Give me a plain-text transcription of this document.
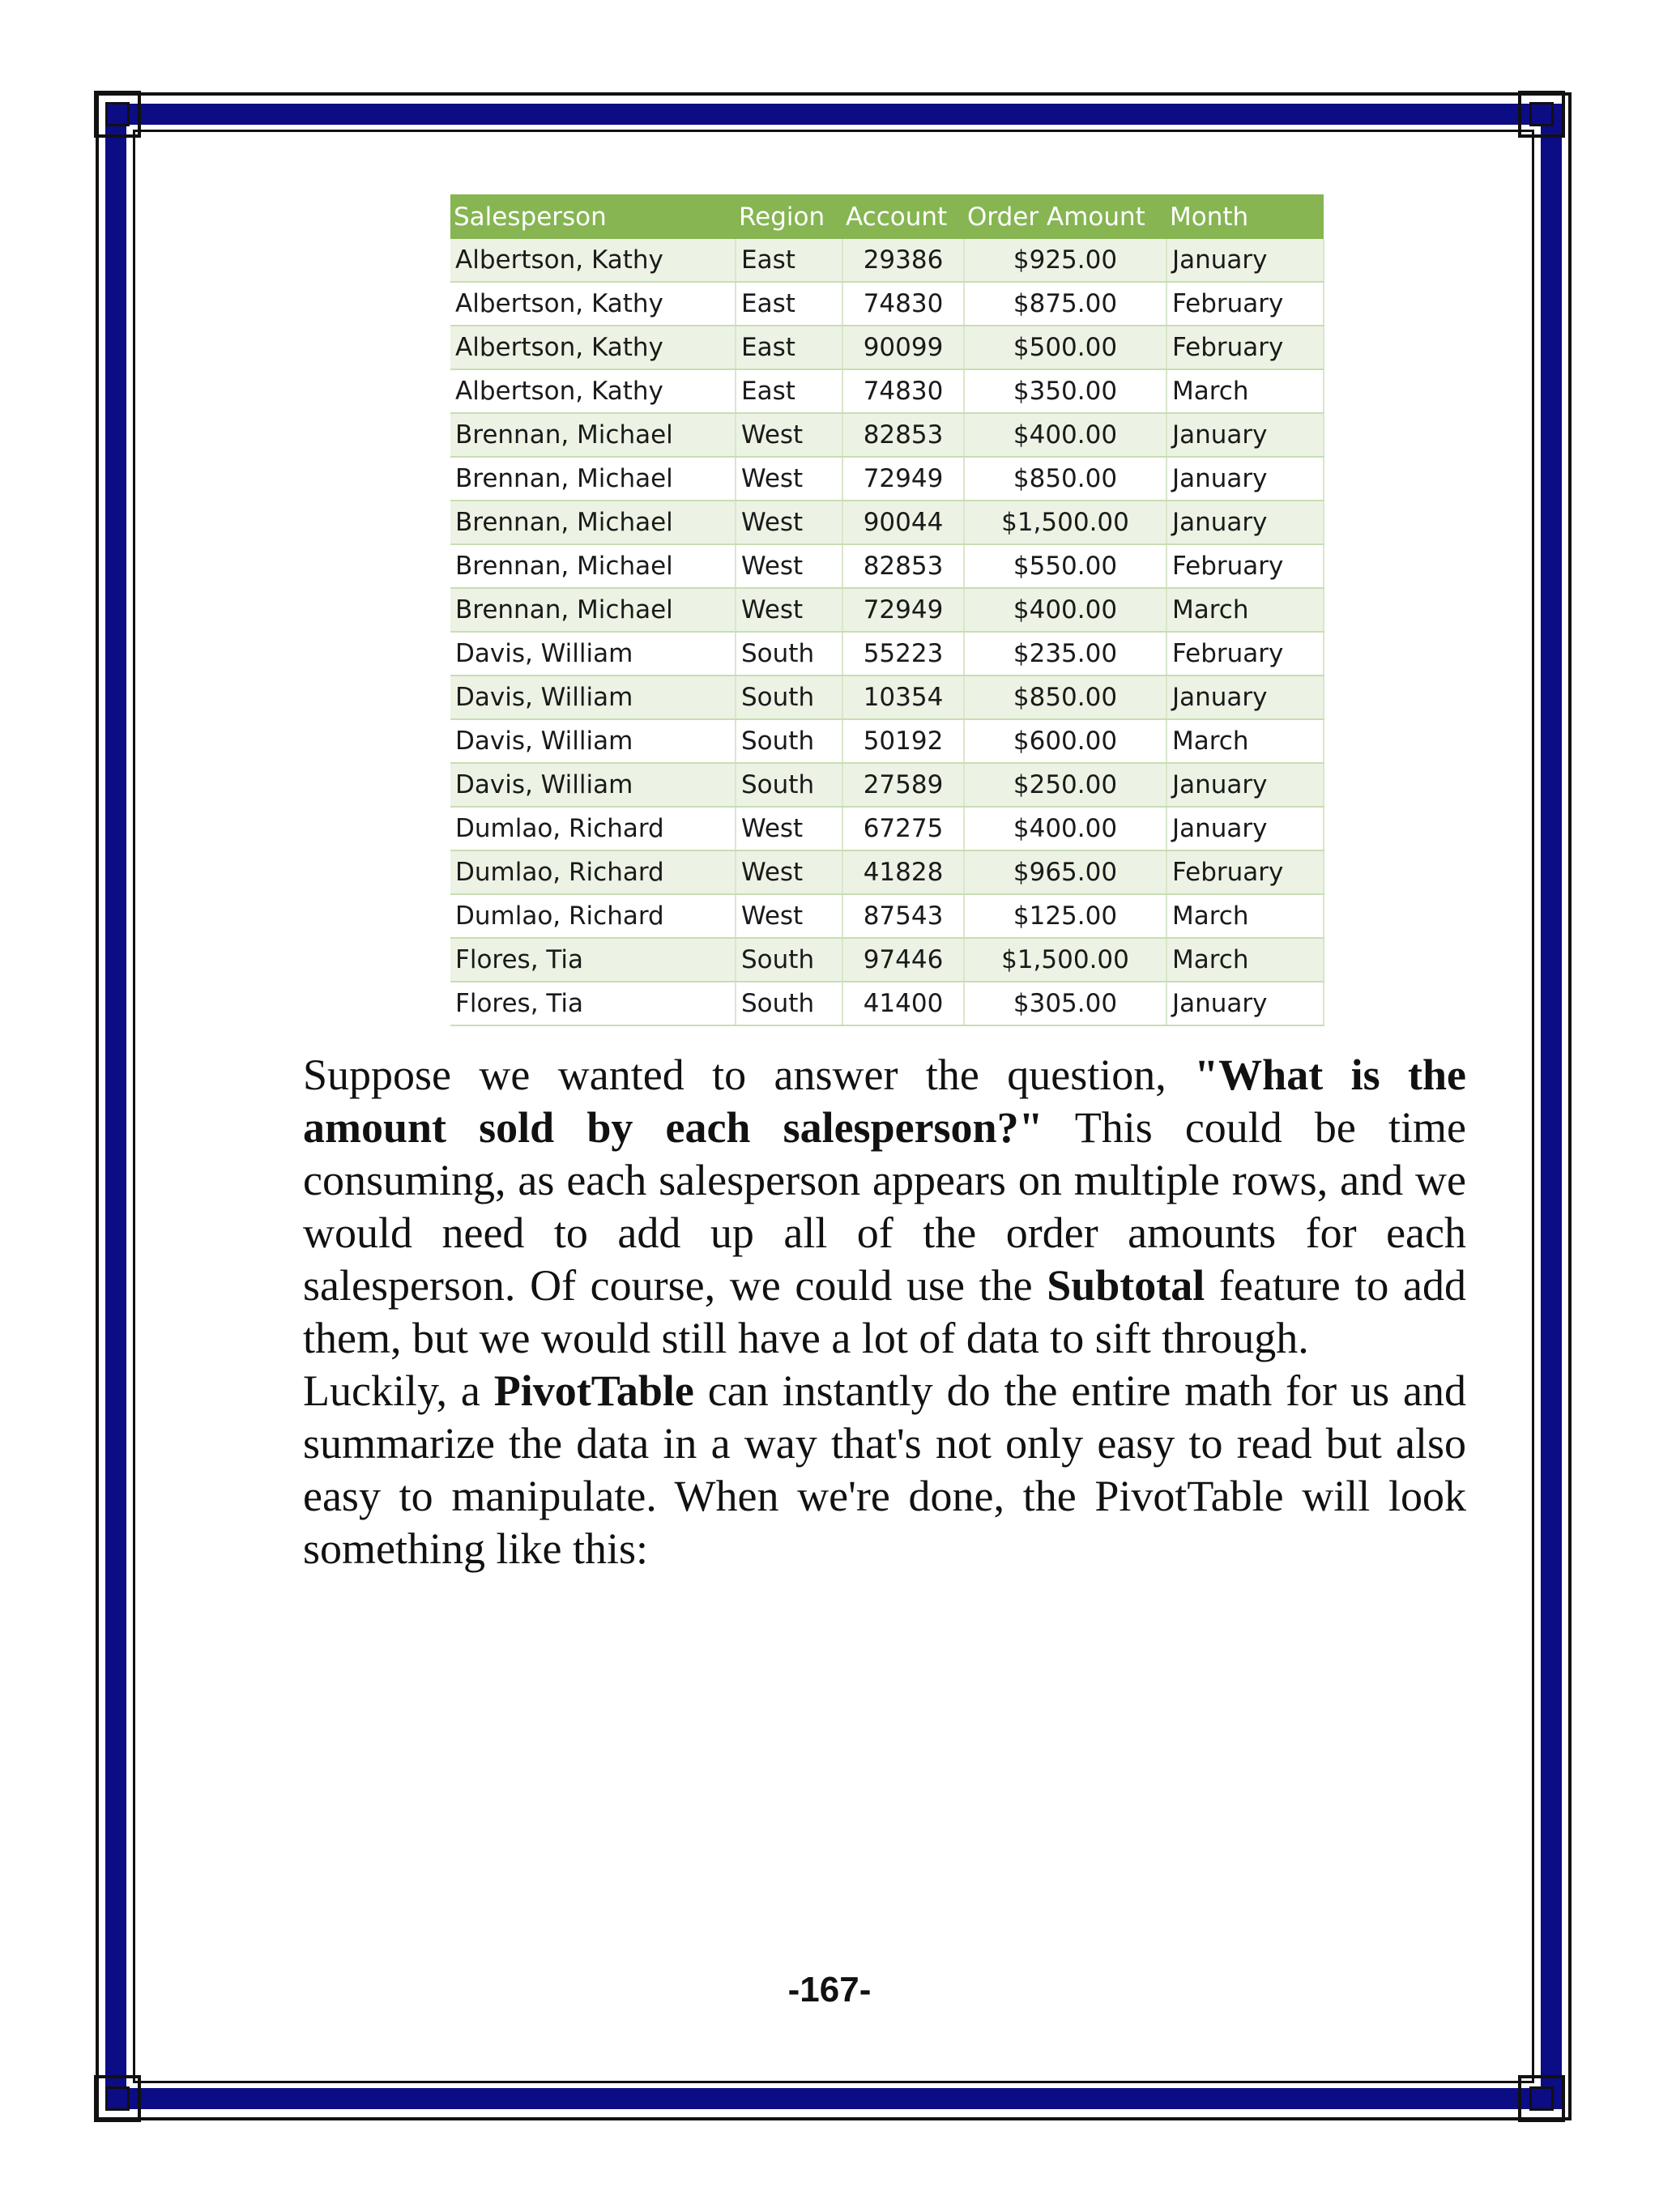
Salesperson	Region	Account	Order Amount	Month
Albertson, Kathy	East	29386	$925.00	January
Albertson, Kathy	East	74830	$875.00	February
Albertson, Kathy	East	90099	$500.00	February
Albertson, Kathy	East	74830	$350.00	March
Brennan, Michael	West	82853	$400.00	January
Brennan, Michael	West	72949	$850.00	January
Brennan, Michael	West	90044	$1,500.00	January
Brennan, Michael	West	82853	$550.00	February
Brennan, Michael	West	72949	$400.00	March
Davis, William	South	55223	$235.00	February
Davis, William	South	10354	$850.00	January
Davis, William	South	50192	$600.00	March
Davis, William	South	27589	$250.00	January
Dumlao, Richard	West	67275	$400.00	January
Dumlao, Richard	West	41828	$965.00	February
Dumlao, Richard	West	87543	$125.00	March
Flores, Tia	South	97446	$1,500.00	March
Flores, Tia	South	41400	$305.00	January

Suppose we wanted to answer the question, "What is the amount sold by each salesperson?" This could be time consuming, as each salesperson appears on multiple rows, and we would need to add up all of the order amounts for each salesperson. Of course, we could use the Subtotal feature to add them, but we would still have a lot of data to sift through.

Luckily, a PivotTable can instantly do the entire math for us and summarize the data in a way that's not only easy to read but also easy to manipulate. When we're done, the PivotTable will look something like this:

-167-
